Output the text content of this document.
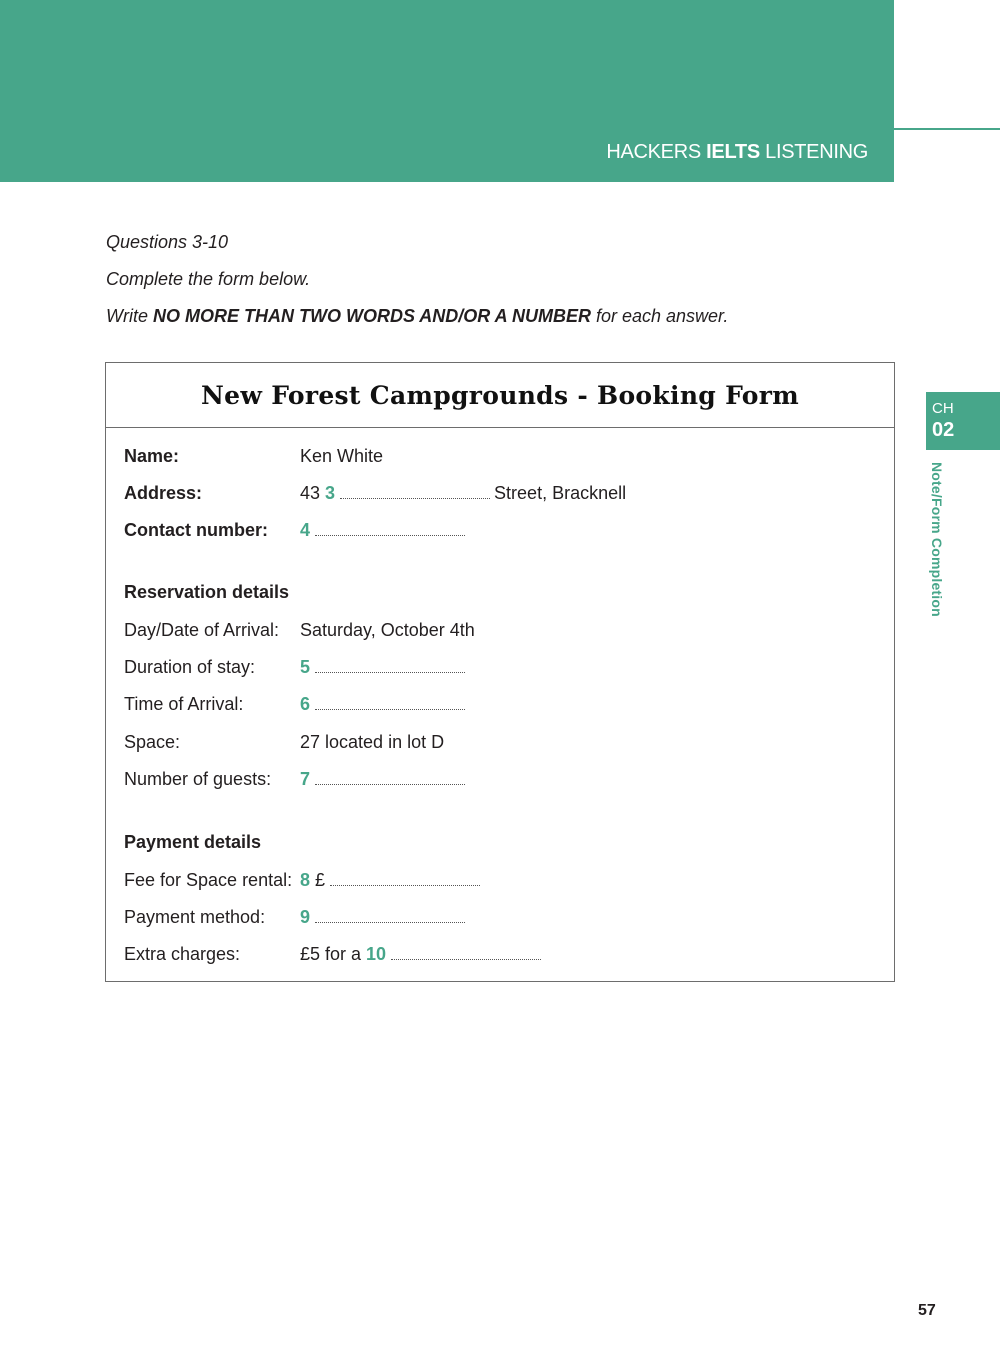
HACKERS IELTS LISTENING
CH
02
Note/Form Completion

Questions 3-10

Complete the form below.

Write NO MORE THAN TWO WORDS AND/OR A NUMBER for each answer.

New Forest Campgrounds - Booking Form
Name:	Ken White
Address:	43 3	Street, Bracknell
Contact number: 4
Reservation details
Day/Date of Arrival: Saturday, October 4th
Duration of stay: 5
Time of Arrival:	6
Space:	27 located in lot D
Number of guests: 7
Payment details
Fee for Space rental: 8 £
Payment method: 9
Extra charges:	£5 for a 10
57
